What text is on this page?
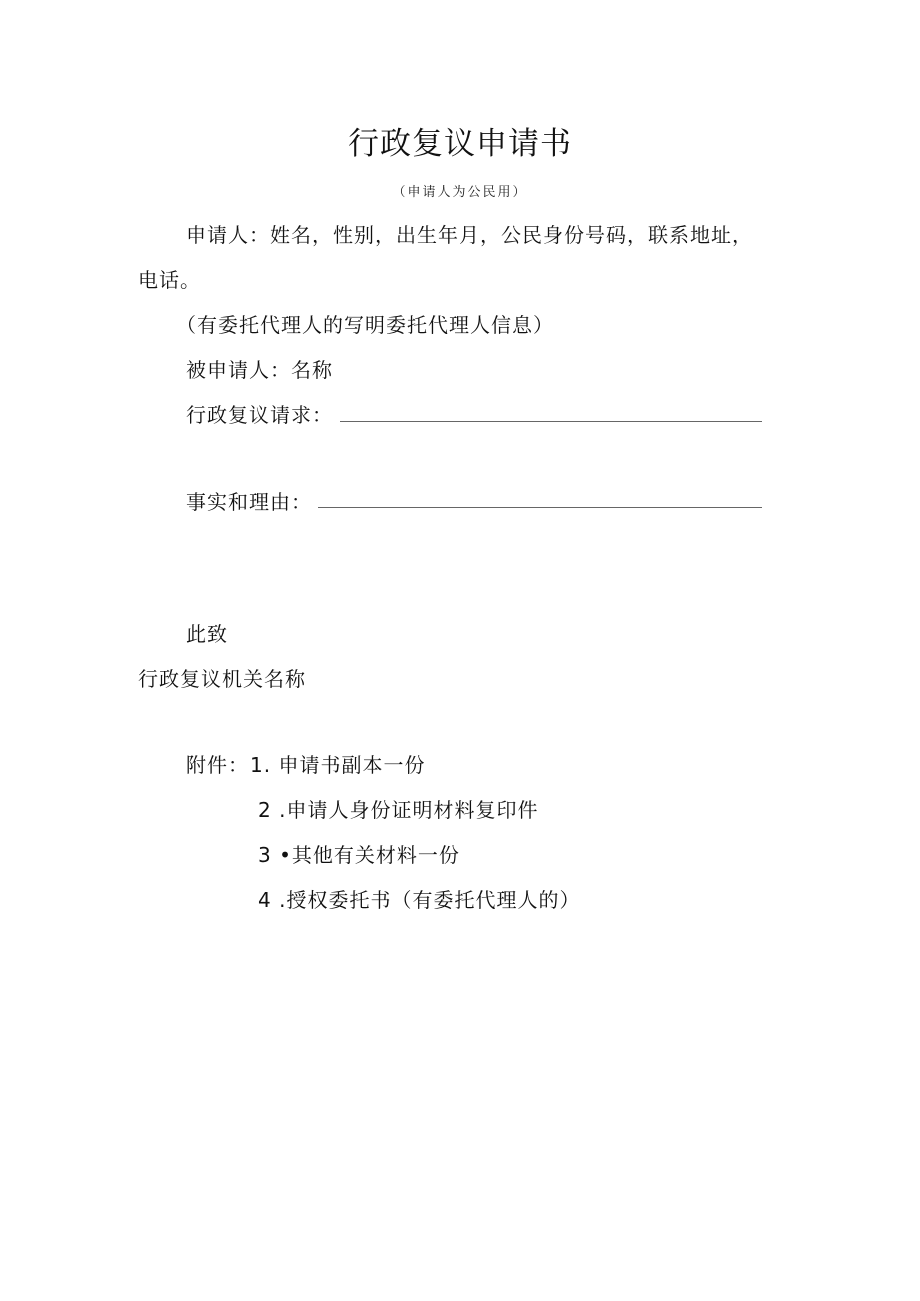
行政复议申请书
（申请人为公民用）
申请人：姓名，性别，出生年月，公民身份号码，联系地址，
电话。
（有委托代理人的写明委托代理人信息）
被申请人：名称
行政复议请求：
事实和理由：
此致
行政复议机关名称
附件： 1. 申请书副本一份
2 .申请人身份证明材料复印件
3 •其他有关材料一份
4 .授权委托书（有委托代理人的）
